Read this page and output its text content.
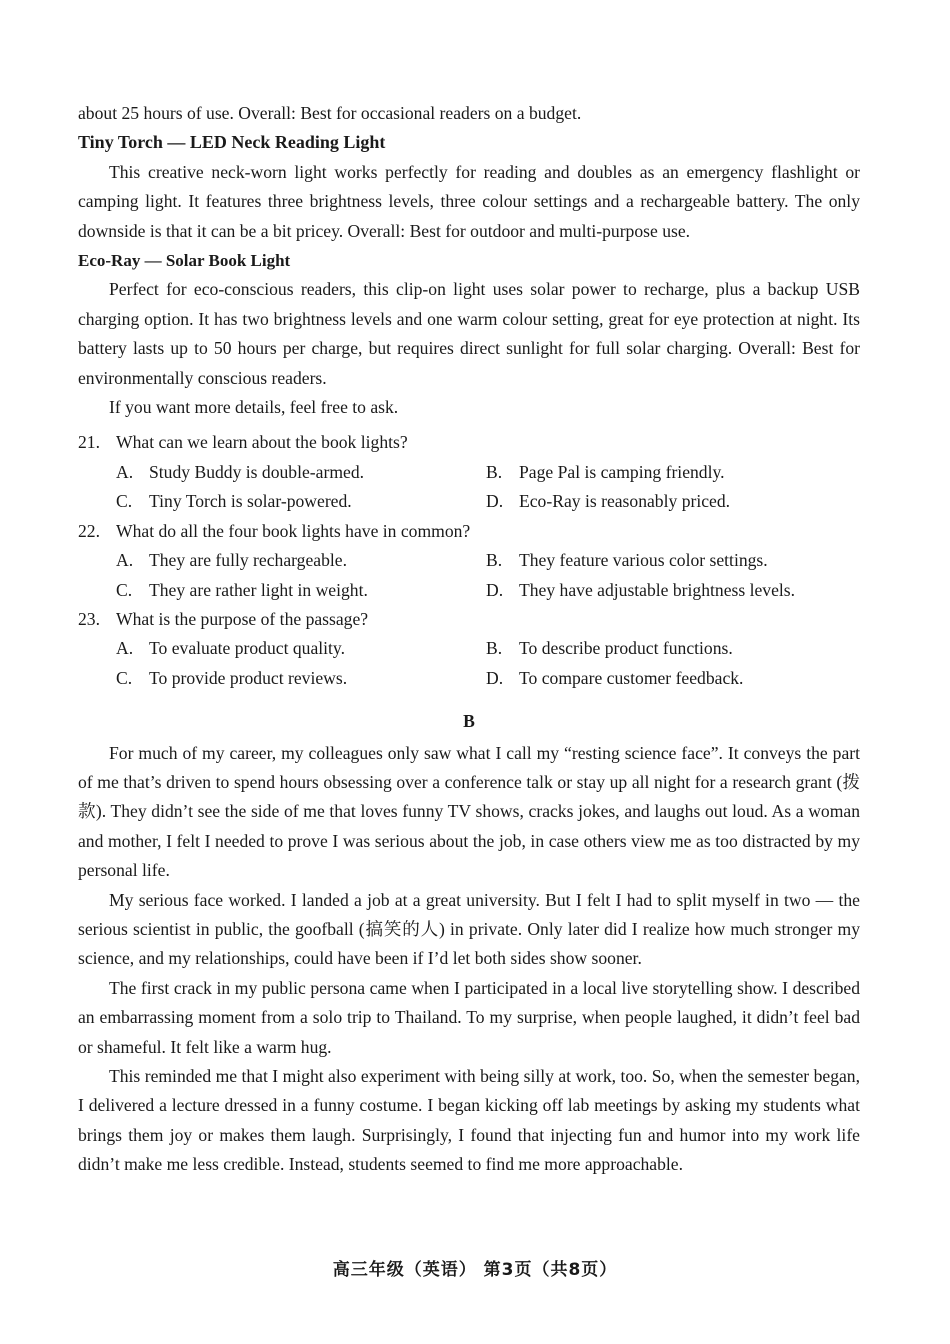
about 25 hours of use. Overall: Best for occasional readers on a budget.
Tiny Torch — LED Neck Reading Light
This creative neck-worn light works perfectly for reading and doubles as an emergency flashlight or camping light. It features three brightness levels, three colour settings and a rechargeable battery. The only downside is that it can be a bit pricey. Overall: Best for outdoor and multi-purpose use.
Eco-Ray — Solar Book Light
Perfect for eco-conscious readers, this clip-on light uses solar power to recharge, plus a backup USB charging option. It has two brightness levels and one warm colour setting, great for eye protection at night. Its battery lasts up to 50 hours per charge, but requires direct sunlight for full solar charging. Overall: Best for environmentally conscious readers.
If you want more details, feel free to ask.
21. What can we learn about the book lights?
A. Study Buddy is double-armed.	B. Page Pal is camping friendly.
C. Tiny Torch is solar-powered.	D. Eco-Ray is reasonably priced.
22. What do all the four book lights have in common?
A. They are fully rechargeable.	B. They feature various color settings.
C. They are rather light in weight.	D. They have adjustable brightness levels.
23. What is the purpose of the passage?
A. To evaluate product quality.	B. To describe product functions.
C. To provide product reviews.	D. To compare customer feedback.
B
For much of my career, my colleagues only saw what I call my “resting science face”. It conveys the part of me that’s driven to spend hours obsessing over a conference talk or stay up all night for a research grant (拨款). They didn’t see the side of me that loves funny TV shows, cracks jokes, and laughs out loud. As a woman and mother, I felt I needed to prove I was serious about the job, in case others view me as too distracted by my personal life.
My serious face worked. I landed a job at a great university. But I felt I had to split myself in two — the serious scientist in public, the goofball (搞笑的人) in private. Only later did I realize how much stronger my science, and my relationships, could have been if I’d let both sides show sooner.
The first crack in my public persona came when I participated in a local live storytelling show. I described an embarrassing moment from a solo trip to Thailand. To my surprise, when people laughed, it didn’t feel bad or shameful. It felt like a warm hug.
This reminded me that I might also experiment with being silly at work, too. So, when the semester began, I delivered a lecture dressed in a funny costume. I began kicking off lab meetings by asking my students what brings them joy or makes them laugh. Surprisingly, I found that injecting fun and humor into my work life didn’t make me less credible. Instead, students seemed to find me more approachable.
高三年级（英语） 第3页（共8页）
